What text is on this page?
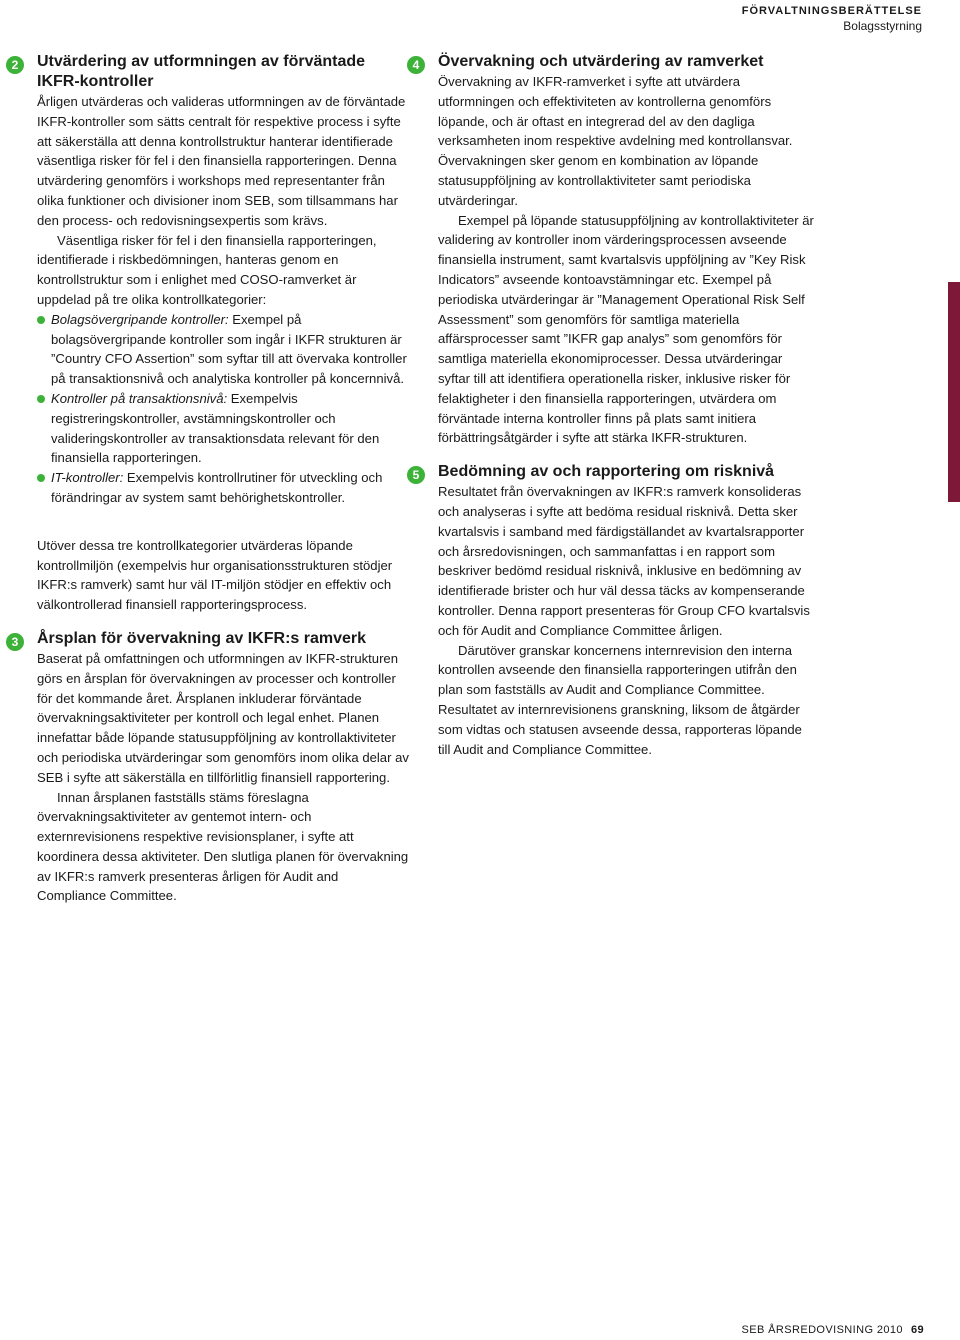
FÖRVALTNINGSBERÄTTELSE
Bolagsstyrning
2	Utvärdering av utformningen av förväntade
IKFR-kontroller

Årligen utvärderas och valideras utformningen av de förväntade IKFR-kontroller som sätts centralt för respektive process i syfte att säkerställa att denna kontrollstruktur hanterar identifierade väsentliga risker för fel i den finansiella rapporteringen. Denna utvärdering genomförs i workshops med representanter från olika funktioner och divisioner inom SEB, som tillsammans har den process- och redovisningsexpertis som krävs.

Väsentliga risker för fel i den finansiella rapporteringen, identifierade i riskbedömningen, hanteras genom en kontrollstruktur som i enlighet med COSO-ramverket är uppdelad på tre olika kontrollkategorier:

Bolagsövergripande kontroller: Exempel på bolagsövergripande kontroller som ingår i IKFR strukturen är ”Country CFO Assertion” som syftar till att övervaka kontroller på transaktionsnivå och analytiska kontroller på koncernnivå.
Kontroller på transaktionsnivå: Exempelvis registreringskontroller, avstämningskontroller och valideringskontroller av transaktionsdata relevant för den finansiella rapporteringen.
IT-kontroller: Exempelvis kontrollrutiner för utveckling och förändringar av system samt behörighetskontroller.

Utöver dessa tre kontrollkategorier utvärderas löpande kontrollmiljön (exempelvis hur organisationsstrukturen stödjer IKFR:s ramverk) samt hur väl IT-miljön stödjer en effektiv och välkontrollerad finansiell rapporteringsprocess.

3	Årsplan för övervakning av IKFR:s ramverk

Baserat på omfattningen och utformningen av IKFR-strukturen görs en årsplan för övervakningen av processer och kontroller för det kommande året. Årsplanen inkluderar förväntade övervakningsaktiviteter per kontroll och legal enhet. Planen innefattar både löpande statusuppföljning av kontrollaktiviteter och periodiska utvärderingar som genomförs inom olika delar av SEB i syfte att säkerställa en tillförlitlig finansiell rapportering.

Innan årsplanen fastställs stäms föreslagna övervakningsaktiviteter av gentemot intern- och externrevisionens respektive revisionsplaner, i syfte att koordinera dessa aktiviteter. Den slutliga planen för övervakning av IKFR:s ramverk presenteras årligen för Audit and Compliance Committee.

4	Övervakning och utvärdering av ramverket

Övervakning av IKFR-ramverket i syfte att utvärdera utformningen och effektiviteten av kontrollerna genomförs löpande, och är oftast en integrerad del av den dagliga verksamheten inom respektive avdelning med kontrollansvar. Övervakningen sker genom en kombination av löpande statusuppföljning av kontrollaktiviteter samt periodiska utvärderingar.

Exempel på löpande statusuppföljning av kontrollaktiviteter är validering av kontroller inom värderingsprocessen avseende finansiella instrument, samt kvartalsvis uppföljning av ”Key Risk Indicators” avseende kontoavstämningar etc. Exempel på periodiska utvärderingar är ”Management Operational Risk Self Assessment” som genomförs för samtliga materiella affärsprocesser samt ”IKFR gap analys” som genomförs för samtliga materiella ekonomiprocesser. Dessa utvärderingar syftar till att identifiera operationella risker, inklusive risker för felaktigheter i den finansiella rapporteringen, utvärdera om förväntade interna kontroller finns på plats samt initiera förbättringsåtgärder i syfte att stärka IKFR-strukturen.

5	Bedömning av och rapportering om risknivå

Resultatet från övervakningen av IKFR:s ramverk konsolideras och analyseras i syfte att bedöma residual risknivå. Detta sker kvartalsvis i samband med färdigställandet av kvartalsrapporter och årsredovisningen, och sammanfattas i en rapport som beskriver bedömd residual risknivå, inklusive en bedömning av identifierade brister och hur väl dessa täcks av kompenserande kontroller. Denna rapport presenteras för Group CFO kvartalsvis och för Audit and Compliance Committee årligen.

Därutöver granskar koncernens internrevision den interna kontrollen avseende den finansiella rapporteringen utifrån den plan som fastställs av Audit and Compliance Committee. Resultatet av internrevisionens granskning, liksom de åtgärder som vidtas och statusen avseende dessa, rapporteras löpande till Audit and Compliance Committee.

SEB ÅRSREDOVISNING 2010 69
